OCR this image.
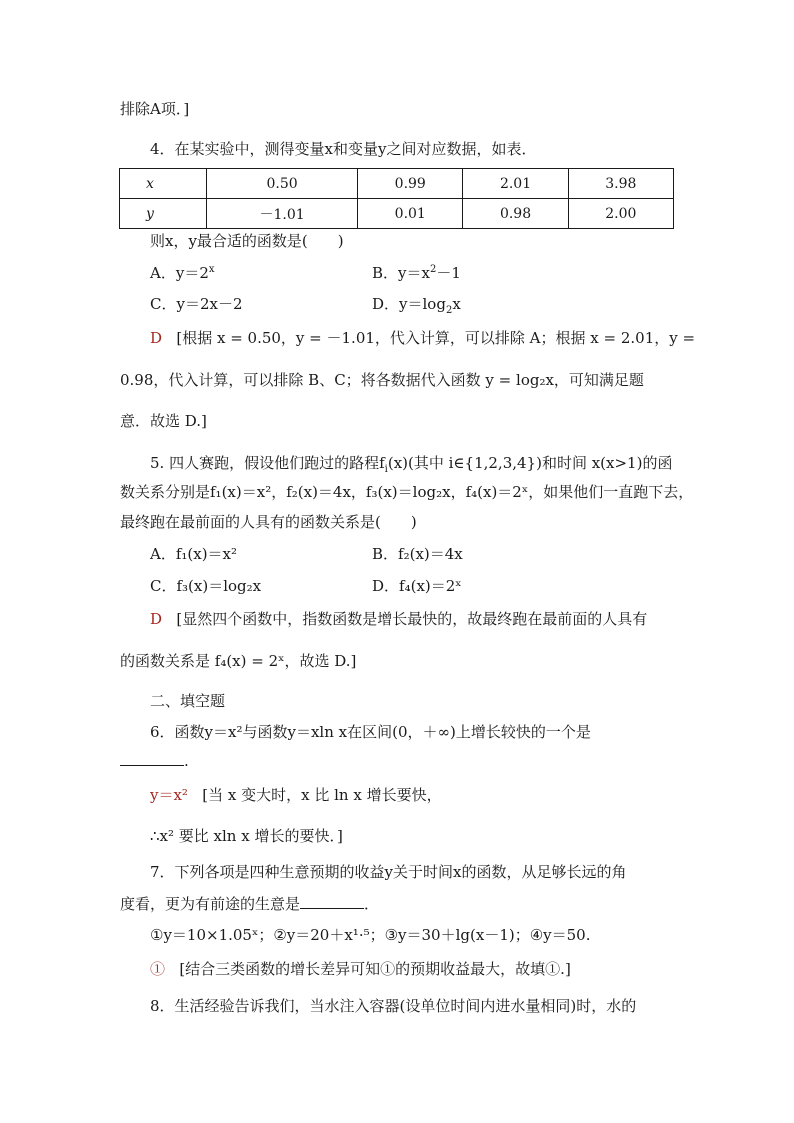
排除A项．]
4．在某实验中，测得变量x和变量y之间对应数据，如表．
x	0.50	0.99	2.01	3.98
y	－1.01	0.01	0.98	2.00
则x，y最合适的函数是(　　)
A．$y=2^x$	B．$y=x^2-1$
C．y＝2x－2	D．$y=\log_2x$
D [根据 x = 0.50，y = －1.01，代入计算，可以排除 A；根据 x = 2.01，y =
0.98，代入计算，可以排除 B、C；将各数据代入函数 y = log₂x，可知满足题
意．故选 D.]
5. 四人赛跑，假设他们跑过的路程$f_i(x)$(其中 i∈{1,2,3,4})和时间 x(x>1)的函
数关系分别是f₁(x)＝x²，f₂(x)＝4x，f₃(x)＝log₂x，f₄(x)＝2ˣ，如果他们一直跑下去，
最终跑在最前面的人具有的函数关系是(　　)
A．f₁(x)＝x²	B．f₂(x)＝4x
C．f₃(x)＝log₂x	D．f₄(x)＝2ˣ
D [显然四个函数中，指数函数是增长最快的，故最终跑在最前面的人具有
的函数关系是 f₄(x) = 2ˣ，故选 D.]
二、填空题
6．函数y＝x²与函数y＝xln x在区间(0，＋∞)上增长较快的一个是
.
y＝x² [当 x 变大时，x 比 ln x 增长要快，
∴x² 要比 xln x 增长的要快．]
7．下列各项是四种生意预期的收益y关于时间x的函数，从足够长远的角
度看，更为有前途的生意是	．
①y＝10×1.05ˣ；②y＝20＋x¹·⁵；③y＝30＋lg(x－1)；④y＝50.
① [结合三类函数的增长差异可知①的预期收益最大，故填①.]
8．生活经验告诉我们，当水注入容器(设单位时间内进水量相同)时，水的
